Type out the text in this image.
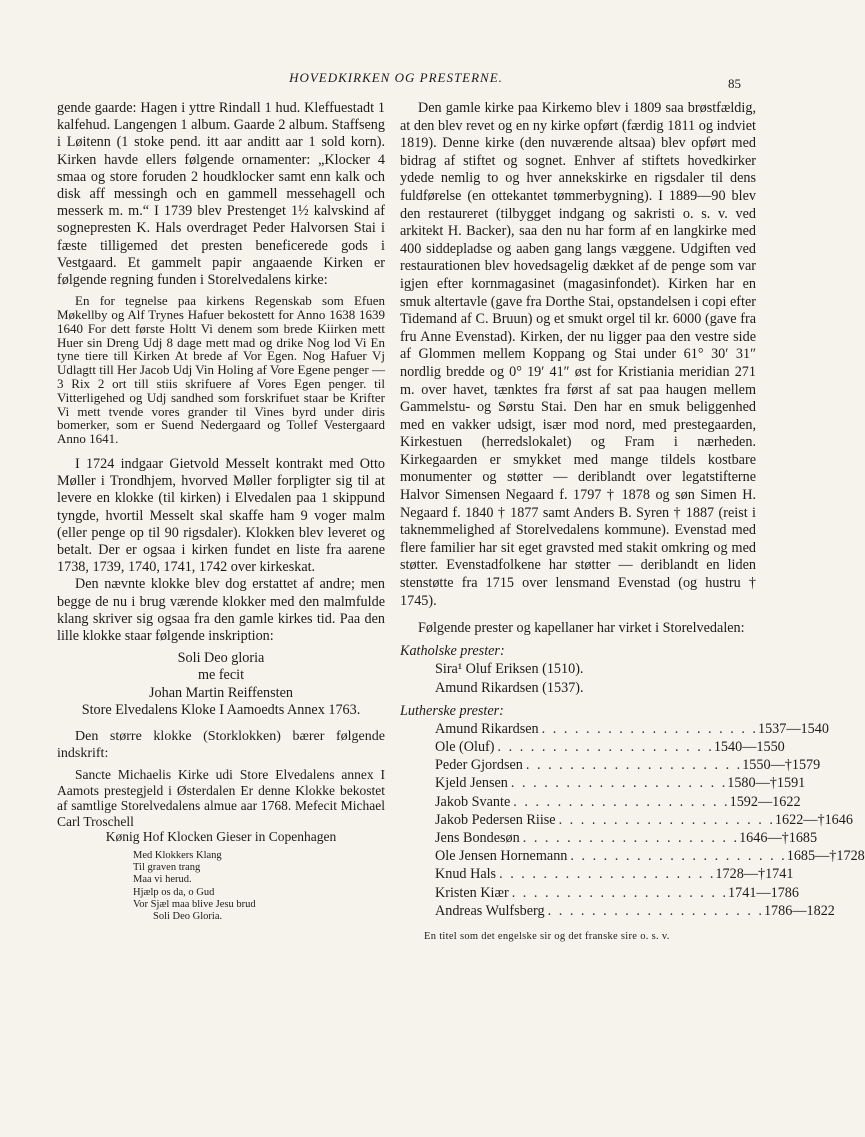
HOVEDKIRKEN OG PRESTERNE.	85

gende gaarde: Hagen i yttre Rindall 1 hud. Kleffuestadt 1 kalfehud. Langengen 1 album. Gaarde 2 album. Staffseng i Løitenn (1 stoke pend. itt aar anditt aar 1 sold korn). Kirken havde ellers følgende ornamenter: „Klocker 4 smaa og store foruden 2 houdklocker samt enn kalk och disk aff messingh och en gammell messehagell och messerk m. m.“ I 1739 blev Prestenget 1½ kalvskind af sognepresten K. Hals overdraget Peder Halvorsen Stai i fæste tilligemed det presten beneficerede gods i Vestgaard. Et gammelt papir angaaende Kirken er følgende regning funden i Storelvedalens kirke:

En for tegnelse paa kirkens Regenskab som Efuen Møkellby og Alf Trynes Hafuer bekostett for Anno 1638 1639 1640 For dett første Holtt Vi denem som brede Kiirken mett Huer sin Dreng Udj 8 dage mett mad og drike Nog lod Vi En tyne tiere till Kirken At brede af Vor Egen. Nog Hafuer Vj Udlagtt till Her Jacob Udj Vin Holing af Vore Egene penger — 3 Rix 2 ort till stiis skrifuere af Vores Egen penger. til Vitterligehed og Udj sandhed som forskrifuet staar be Krifter Vi mett tvende vores grander til Vines byrd under diris bomerker, som er Suend Nedergaard og Tollef Vestergaard Anno 1641.

I 1724 indgaar Gietvold Messelt kontrakt med Otto Møller i Trondhjem, hvorved Møller forpligter sig til at levere en klokke (til kirken) i Elvedalen paa 1 skippund tyngde, hvortil Messelt skal skaffe ham 9 voger malm (eller penge op til 90 rigsdaler). Klokken blev leveret og betalt. Der er ogsaa i kirken fundet en liste fra aarene 1738, 1739, 1740, 1741, 1742 over kirkeskat.

Den nævnte klokke blev dog erstattet af andre; men begge de nu i brug værende klokker med den malmfulde klang skriver sig ogsaa fra den gamle kirkes tid. Paa den lille klokke staar følgende inskription:

Soli Deo gloria
me fecit
Johan Martin Reiffensten
Store Elvedalens Kloke I Aamoedts Annex 1763.

Den større klokke (Storklokken) bærer følgende indskrift:

Sancte Michaelis Kirke udi Store Elvedalens annex I Aamots prestegjeld i Østerdalen Er denne Klokke bekostet af samtlige Storelvedalens almue aar 1768. Mefecit Michael Carl Troschell

Kønig Hof Klocken Gieser in Copenhagen
Med Klokkers Klang
Til graven trang
Maa vi herud.
Hjælp os da, o Gud
Vor Sjæl maa blive Jesu brud
Soli Deo Gloria.

Den gamle kirke paa Kirkemo blev i 1809 saa brøstfældig, at den blev revet og en ny kirke opført (færdig 1811 og indviet 1819). Denne kirke (den nuværende altsaa) blev opført med bidrag af stiftet og sognet. Enhver af stiftets hovedkirker ydede nemlig to og hver annekskirke en rigsdaler til dens fuldførelse (en ottekantet tømmerbygning). I 1889—90 blev den restaureret (tilbygget indgang og sakristi o. s. v. ved arkitekt H. Backer), saa den nu har form af en langkirke med 400 siddepladse og aaben gang langs væggene. Udgiften ved restaurationen blev hovedsagelig dækket af de penge som var igjen efter kornmagasinet (magasinfondet). Kirken har en smuk altertavle (gave fra Dorthe Stai, opstandelsen i copi efter Tidemand af C. Bruun) og et smukt orgel til kr. 6000 (gave fra fru Anne Evenstad). Kirken, der nu ligger paa den vestre side af Glommen mellem Koppang og Stai under 61° 30′ 31″ nordlig bredde og 0° 19′ 41″ øst for Kristiania meridian 271 m. over havet, tænktes fra først af sat paa haugen mellem Gammelstu- og Sørstu Stai. Den har en smuk beliggenhed med en vakker udsigt, især mod nord, med prestegaarden, Kirkestuen (herredslokalet) og Fram i nærheden. Kirkegaarden er smykket med mange tildels kostbare monumenter og støtter — deriblandt over legatstifterne Halvor Simensen Negaard f. 1797 † 1878 og søn Simen H. Negaard f. 1840 † 1877 samt Anders B. Syren † 1887 (reist i taknemmelighed af Storelvedalens kommune). Evenstad med flere familier har sit eget gravsted med stakit omkring og med støtter. Evenstadfolkene har støtter — deriblandt en liden stenstøtte fra 1715 over lensmand Evenstad (og hustru † 1745).

Følgende prester og kapellaner har virket i Storelvedalen:

Katholske prester:
Sira¹ Oluf Eriksen (1510).
Amund Rikardsen (1537).
Lutherske prester:
Amund Rikardsen . . . . . . . . . . . . . . . . . . . . 1537—1540
Ole (Oluf) . . . . . . . . . . . . . . . . . . . . 1540—1550
Peder Gjordsen . . . . . . . . . . . . . . . . . . . . 1550—†1579
Kjeld Jensen . . . . . . . . . . . . . . . . . . . . 1580—†1591
Jakob Svante . . . . . . . . . . . . . . . . . . . . 1592—1622
Jakob Pedersen Riise . . . . . . . . . . . . . . . . . . . . 1622—†1646
Jens Bondesøn . . . . . . . . . . . . . . . . . . . . 1646—†1685
Ole Jensen Hornemann . . . . . . . . . . . . . . . . . . . . 1685—†1728
Knud Hals . . . . . . . . . . . . . . . . . . . . 1728—†1741
Kristen Kiær . . . . . . . . . . . . . . . . . . . . 1741—1786
Andreas Wulfsberg . . . . . . . . . . . . . . . . . . . . 1786—1822

En titel som det engelske sir og det franske sire o. s. v.
